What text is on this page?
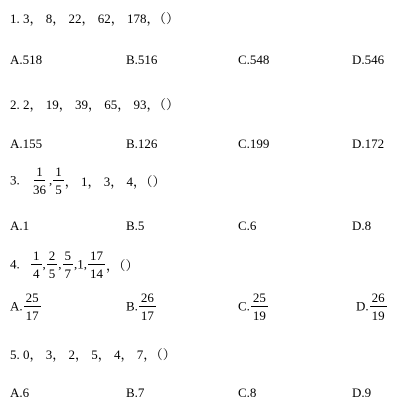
1. 3， 8， 22， 62， 178，（）
A.518	B.516	C.548	D.546
2. 2， 19， 39， 65， 93，（）
A.155	B.126	C.199	D.172
3. $\frac{1}{36}$ , $\frac{1}{5}$ ， 1， 3， 4，（）
A.1	B.5	C.6	D.8
4. $\frac{1}{4}$ , $\frac{2}{5}$ , $\frac{5}{7} ,1$, $\frac{17}{14}$ ，（）
A. $\frac{25}{17}$	B. $\frac{26}{17}$	C. $\frac{25}{19}$	D. $\frac{26}{19}$
5. 0， 3， 2， 5， 4， 7，（）
A.6	B.7	C.8	D.9
